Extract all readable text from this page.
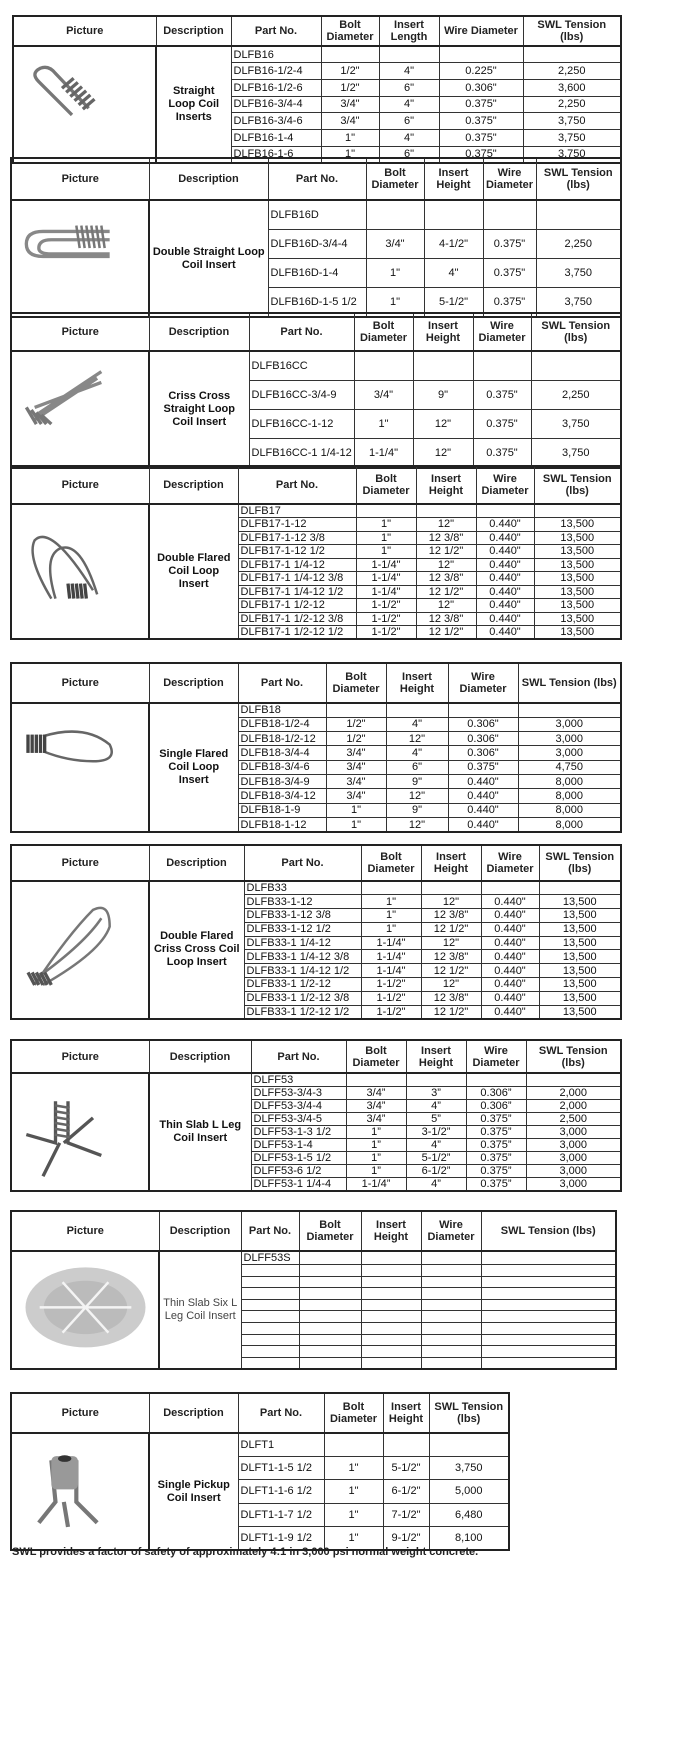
Picture	Description	Part No.	Bolt Diameter	Insert Length	Wire Diameter	SWL Tension (lbs)

	Straight Loop Coil Inserts	DLFB16				
		DLFB16-1/2-4	1/2"	4"	0.225"	2,250
		DLFB16-1/2-6	1/2"	6"	0.306"	3,600
		DLFB16-3/4-4	3/4"	4"	0.375"	2,250
		DLFB16-3/4-6	3/4"	6"	0.375"	3,750
		DLFB16-1-4	1"	4"	0.375"	3,750
		DLFB16-1-6	1"	6"	0.375"	3,750
Picture	Description	Part No.	Bolt Diameter	Insert Height	Wire Diameter	SWL Tension (lbs)

	Double Straight Loop Coil Insert	DLFB16D				
		DLFB16D-3/4-4	3/4"	4-1/2"	0.375"	2,250
		DLFB16D-1-4	1"	4"	0.375"	3,750
		DLFB16D-1-5 1/2	1"	5-1/2"	0.375"	3,750
Picture	Description	Part No.	Bolt Diameter	Insert Height	Wire Diameter	SWL Tension (lbs)

	Criss Cross Straight Loop Coil Insert	DLFB16CC				
		DLFB16CC-3/4-9	3/4"	9"	0.375"	2,250
		DLFB16CC-1-12	1"	12"	0.375"	3,750
		DLFB16CC-1 1/4-12	1-1/4"	12"	0.375"	3,750
Picture	Description	Part No.	Bolt Diameter	Insert Height	Wire Diameter	SWL Tension (lbs)

	Double Flared Coil Loop Insert	DLFB17				
		DLFB17-1-12	1"	12"	0.440"	13,500
		DLFB17-1-12 3/8	1"	12 3/8"	0.440"	13,500
		DLFB17-1-12 1/2	1"	12 1/2"	0.440"	13,500
		DLFB17-1 1/4-12	1-1/4"	12"	0.440"	13,500
		DLFB17-1 1/4-12 3/8	1-1/4"	12 3/8"	0.440"	13,500
		DLFB17-1 1/4-12 1/2	1-1/4"	12 1/2"	0.440"	13,500
		DLFB17-1 1/2-12	1-1/2"	12"	0.440"	13,500
		DLFB17-1 1/2-12 3/8	1-1/2"	12 3/8"	0.440"	13,500
		DLFB17-1 1/2-12 1/2	1-1/2"	12 1/2"	0.440"	13,500
Picture	Description	Part No.	Bolt Diameter	Insert Height	Wire Diameter	SWL Tension (lbs)

	Single Flared Coil Loop Insert	DLFB18				
		DLFB18-1/2-4	1/2"	4"	0.306"	3,000
		DLFB18-1/2-12	1/2"	12"	0.306"	3,000
		DLFB18-3/4-4	3/4"	4"	0.306"	3,000
		DLFB18-3/4-6	3/4"	6"	0.375"	4,750
		DLFB18-3/4-9	3/4"	9"	0.440"	8,000
		DLFB18-3/4-12	3/4"	12"	0.440"	8,000
		DLFB18-1-9	1"	9"	0.440"	8,000
		DLFB18-1-12	1"	12"	0.440"	8,000
Picture	Description	Part No.	Bolt Diameter	Insert Height	Wire Diameter	SWL Tension (lbs)

	Double Flared Criss Cross Coil Loop Insert	DLFB33				
		DLFB33-1-12	1"	12"	0.440"	13,500
		DLFB33-1-12 3/8	1"	12 3/8"	0.440"	13,500
		DLFB33-1-12 1/2	1"	12 1/2"	0.440"	13,500
		DLFB33-1 1/4-12	1-1/4"	12"	0.440"	13,500
		DLFB33-1 1/4-12 3/8	1-1/4"	12 3/8"	0.440"	13,500
		DLFB33-1 1/4-12 1/2	1-1/4"	12 1/2"	0.440"	13,500
		DLFB33-1 1/2-12	1-1/2"	12"	0.440"	13,500
		DLFB33-1 1/2-12 3/8	1-1/2"	12 3/8"	0.440"	13,500
		DLFB33-1 1/2-12 1/2	1-1/2"	12 1/2"	0.440"	13,500
Picture	Description	Part No.	Bolt Diameter	Insert Height	Wire Diameter	SWL Tension (lbs)

	Thin Slab L Leg Coil Insert	DLFF53				
		DLFF53-3/4-3	3/4”	3”	0.306”	2,000
		DLFF53-3/4-4	3/4”	4”	0.306”	2,000
		DLFF53-3/4-5	3/4”	5”	0.375”	2,500
		DLFF53-1-3 1/2	1”	3-1/2”	0.375”	3,000
		DLFF53-1-4	1”	4”	0.375”	3,000
		DLFF53-1-5 1/2	1”	5-1/2”	0.375”	3,000
		DLFF53-6 1/2	1”	6-1/2”	0.375”	3,000
		DLFF53-1 1/4-4	1-1/4”	4”	0.375”	3,000
Picture	Description	Part No.	Bolt Diameter	Insert Height	Wire Diameter	SWL Tension (lbs)

	Thin Slab Six L Leg Coil Insert	DLFF53S				

Picture	Description	Part No.	Bolt Diameter	Insert Height	SWL Tension (lbs)

	Single Pickup Coil Insert	DLFT1			
		DLFT1-1-5 1/2	1"	5-1/2"	3,750
		DLFT1-1-6 1/2	1"	6-1/2"	5,000
		DLFT1-1-7 1/2	1"	7-1/2"	6,480
		DLFT1-1-9 1/2	1"	9-1/2"	8,100
SWL provides a factor of safety of approximately 4:1 in 3,000 psi normal weight concrete.
